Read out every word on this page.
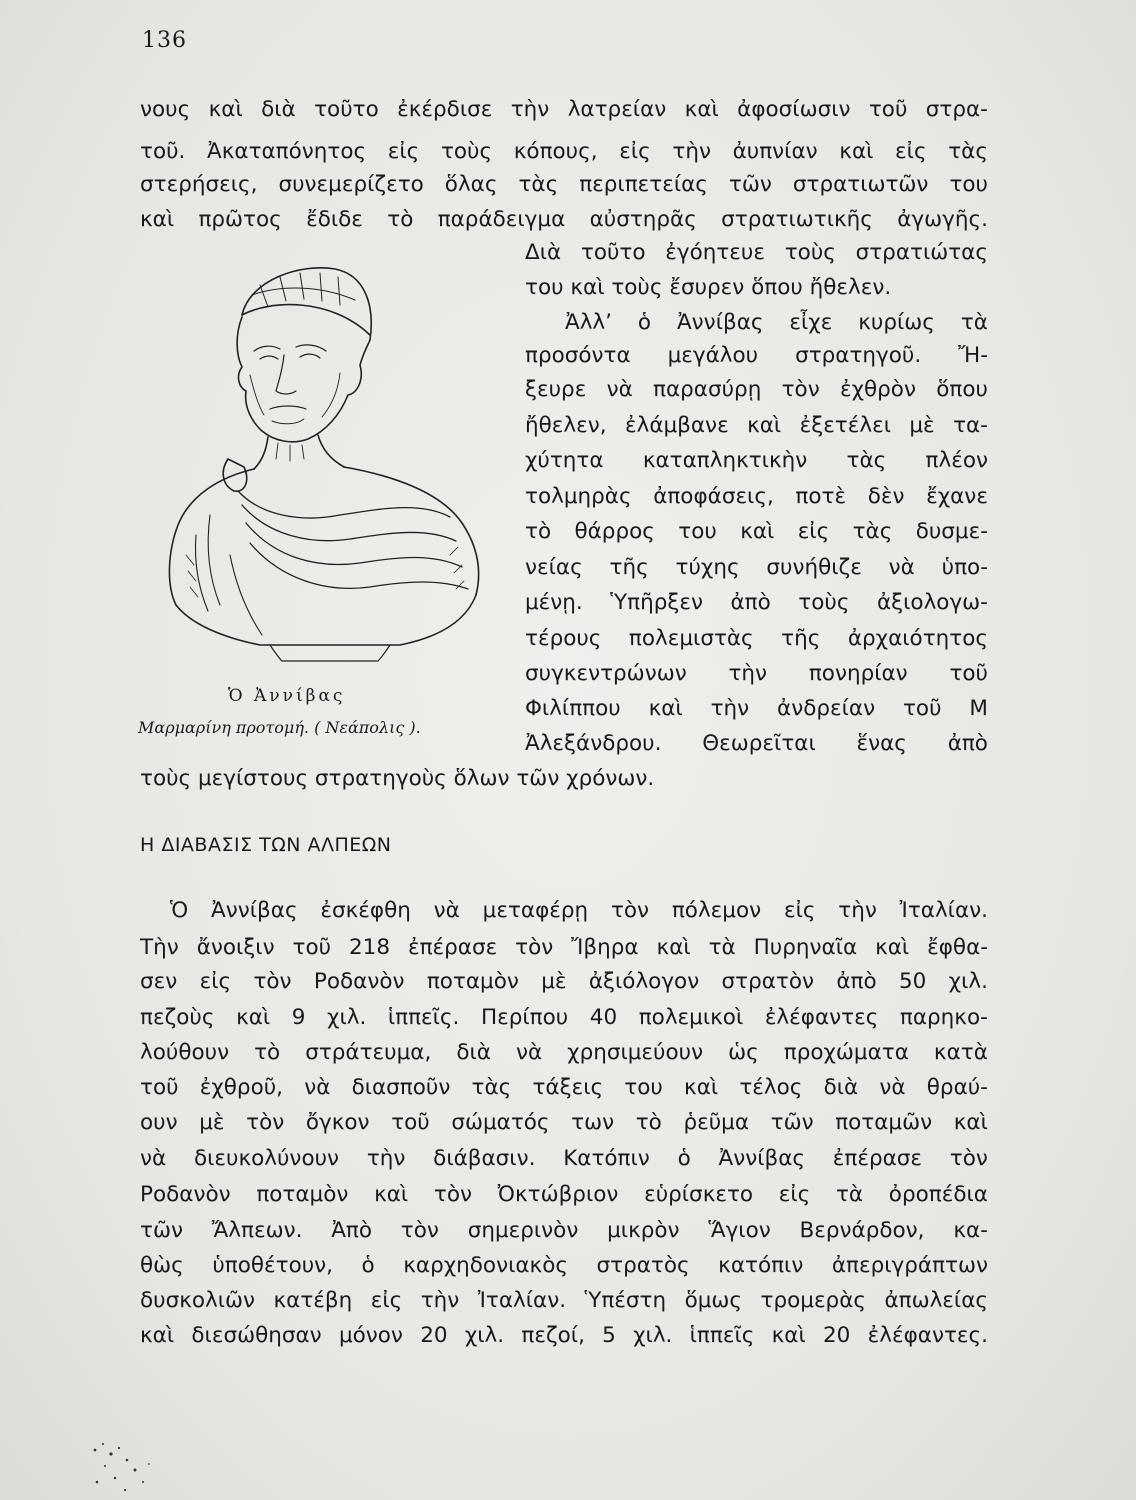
136
νους καὶ διὰ τοῦτο ἐκέρδισε τὴν λατρείαν καὶ ἀφοσίωσιν τοῦ στρα-
τοῦ. Ἀκαταπόνητος εἰς τοὺς κόπους, εἰς τὴν ἀυπνίαν καὶ εἰς τὰς
στερήσεις, συνεμερίζετο ὅλας τὰς περιπετείας τῶν στρατιωτῶν του
καὶ πρῶτος ἔδιδε τὸ παράδειγμα αὐστηρᾶς στρατιωτικῆς ἀγωγῆς.
Διὰ τοῦτο ἐγόητευε τοὺς στρατιώτας
του καὶ τοὺς ἔσυρεν ὅπου ἤθελεν.
Ἀλλ’ ὁ Ἀννίβας εἶχε κυρίως τὰ
προσόντα μεγάλου στρατηγοῦ. Ἤ-
ξευρε νὰ παρασύρῃ τὸν ἐχθρὸν ὅπου
ἤθελεν, ἐλάμβανε καὶ ἐξετέλει μὲ τα-
χύτητα καταπληκτικὴν τὰς πλέον
τολμηρὰς ἀποφάσεις, ποτὲ δὲν ἔχανε
τὸ θάρρος του καὶ εἰς τὰς δυσμε-
νείας τῆς τύχης συνήθιζε νὰ ὑπο-
μένῃ. Ὑπῆρξεν ἀπὸ τοὺς ἀξιολογω-
τέρους πολεμιστὰς τῆς ἀρχαιότητος
συγκεντρώνων τὴν πονηρίαν τοῦ
Φιλίππου καὶ τὴν ἀνδρείαν τοῦ Μ
Ἀλεξάνδρου. Θεωρεῖται ἕνας ἀπὸ
τοὺς μεγίστους στρατηγοὺς ὅλων τῶν χρόνων.
Ὁ Ἀννίβας
Μαρμαρίνη προτομή. ( Νεάπολις ).
Η ΔΙΑΒΑΣΙΣ ΤΩΝ ΑΛΠΕΩΝ
Ὁ Ἀννίβας ἐσκέφθη νὰ μεταφέρῃ τὸν πόλεμον εἰς τὴν Ἰταλίαν.
Τὴν ἄνοιξιν τοῦ 218 ἐπέρασε τὸν Ἴβηρα καὶ τὰ Πυρηναῖα καὶ ἔφθα-
σεν εἰς τὸν Ροδανὸν ποταμὸν μὲ ἀξιόλογον στρατὸν ἀπὸ 50 χιλ.
πεζοὺς καὶ 9 χιλ. ἱππεῖς. Περίπου 40 πολεμικοὶ ἐλέφαντες παρηκο-
λούθουν τὸ στράτευμα, διὰ νὰ χρησιμεύουν ὡς προχώματα κατὰ
τοῦ ἐχθροῦ, νὰ διασποῦν τὰς τάξεις του καὶ τέλος διὰ νὰ θραύ-
ουν μὲ τὸν ὄγκον τοῦ σώματός των τὸ ῥεῦμα τῶν ποταμῶν καὶ
νὰ διευκολύνουν τὴν διάβασιν. Κατόπιν ὁ Ἀννίβας ἐπέρασε τὸν
Ροδανὸν ποταμὸν καὶ τὸν Ὀκτώβριον εὑρίσκετο εἰς τὰ ὀροπέδια
τῶν Ἄλπεων. Ἀπὸ τὸν σημερινὸν μικρὸν Ἅγιον Βερνάρδον, κα-
θὼς ὑποθέτουν, ὁ καρχηδονιακὸς στρατὸς κατόπιν ἀπεριγράπτων
δυσκολιῶν κατέβη εἰς τὴν Ἰταλίαν. Ὑπέστη ὅμως τρομερὰς ἀπωλείας
καὶ διεσώθησαν μόνον 20 χιλ. πεζοί, 5 χιλ. ἱππεῖς καὶ 20 ἐλέφαντες.
